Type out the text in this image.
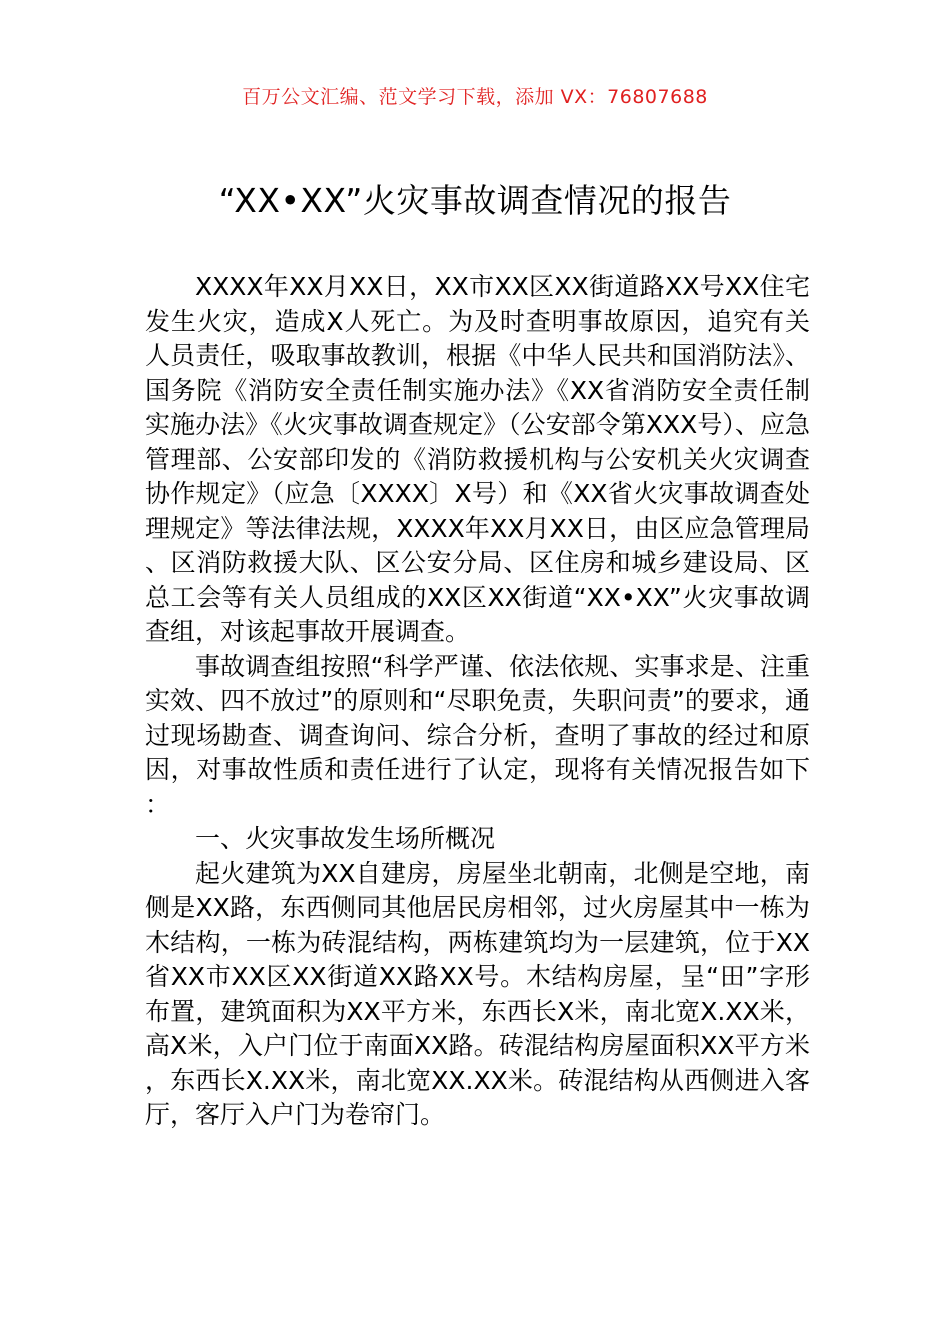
百万公文汇编、范文学习下载，添加 VX：76807688
“XX•XX”火灾事故调查情况的报告

XXXX年XX月XX日，XX市XX区XX街道路XX号XX住宅发生火灾，造成X人死亡。为及时查明事故原因，追究有关人员责任，吸取事故教训，根据《中华人民共和国消防法》、国务院《消防安全责任制实施办法》《XX省消防安全责任制实施办法》《火灾事故调查规定》（公安部令第XXX号）、应急管理部、公安部印发的《消防救援机构与公安机关火灾调查协作规定》（应急〔XXXX〕X号）和《XX省火灾事故调查处理规定》等法律法规，XXXX年XX月XX日，由区应急管理局、区消防救援大队、区公安分局、区住房和城乡建设局、区总工会等有关人员组成的XX区XX街道“XX•XX”火灾事故调查组，对该起事故开展调查。

事故调查组按照“科学严谨、依法依规、实事求是、注重实效、四不放过”的原则和“尽职免责，失职问责”的要求，通过现场勘查、调查询问、综合分析，查明了事故的经过和原因，对事故性质和责任进行了认定，现将有关情况报告如下：

一、火灾事故发生场所概况

起火建筑为XX自建房，房屋坐北朝南，北侧是空地，南侧是XX路，东西侧同其他居民房相邻，过火房屋其中一栋为木结构，一栋为砖混结构，两栋建筑均为一层建筑，位于XX省XX市XX区XX街道XX路XX号。木结构房屋，呈“田”字形布置，建筑面积为XX平方米，东西长X米，南北宽X.XX米，高X米，入户门位于南面XX路。砖混结构房屋面积XX平方米，东西长X.XX米，南北宽XX.XX米。砖混结构从西侧进入客厅，客厅入户门为卷帘门。
